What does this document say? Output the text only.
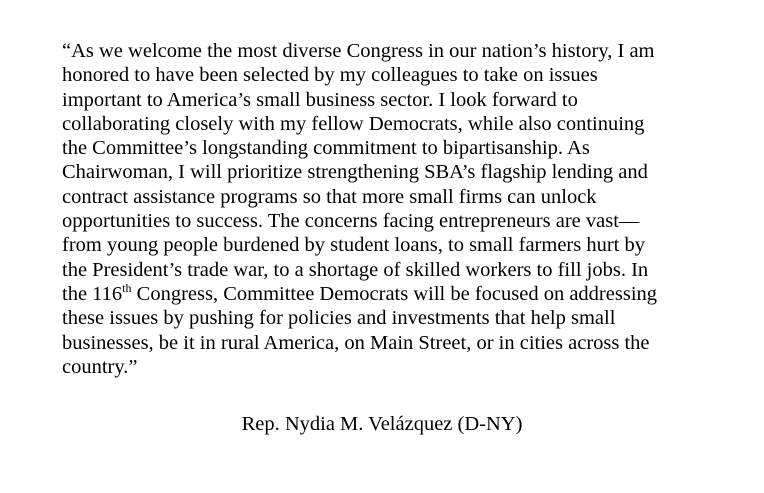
“As we welcome the most diverse Congress in our nation’s history, I am
honored to have been selected by my colleagues to take on issues
important to America’s small business sector. I look forward to
collaborating closely with my fellow Democrats, while also continuing
the Committee’s longstanding commitment to bipartisanship. As
Chairwoman, I will prioritize strengthening SBA’s flagship lending and
contract assistance programs so that more small firms can unlock
opportunities to success. The concerns facing entrepreneurs are vast—
from young people burdened by student loans, to small farmers hurt by
the President’s trade war, to a shortage of skilled workers to fill jobs. In
the 116th Congress, Committee Democrats will be focused on addressing
these issues by pushing for policies and investments that help small
businesses, be it in rural America, on Main Street, or in cities across the
country.”

Rep. Nydia M. Velázquez (D-NY)
